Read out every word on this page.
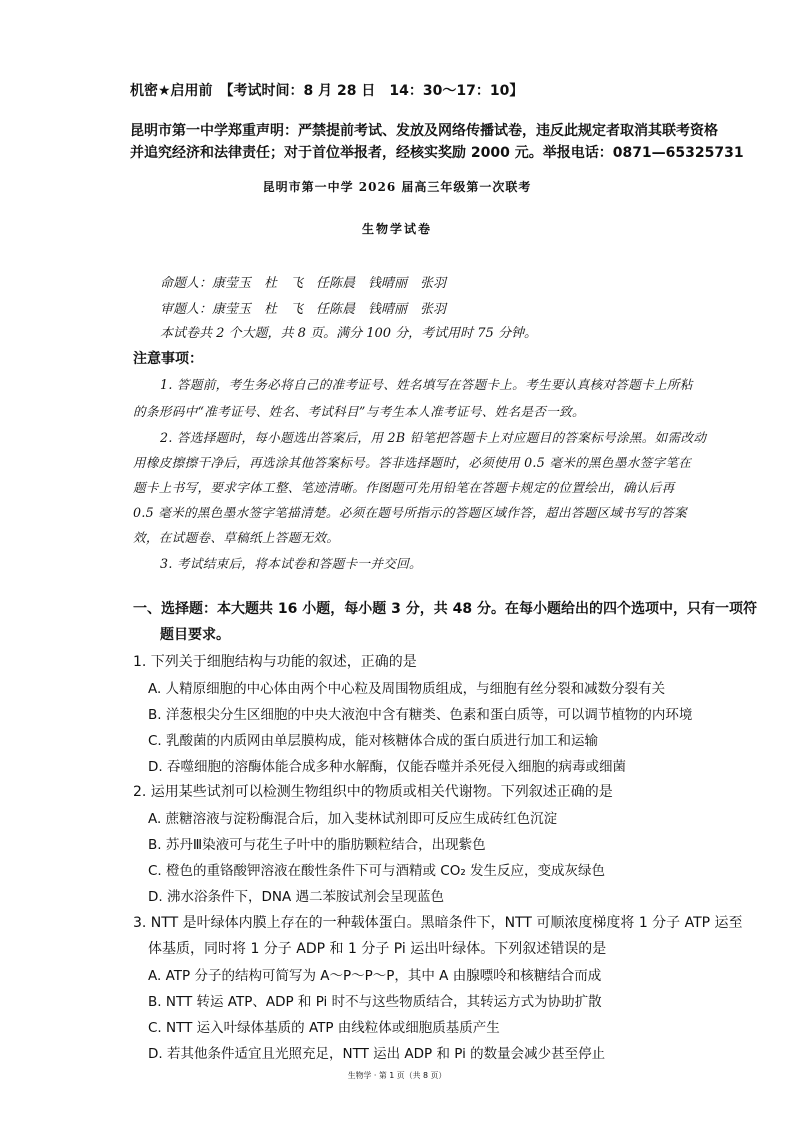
机密★启用前　【考试时间：8 月 28 日　14：30～17：10】
昆明市第一中学郑重声明：严禁提前考试、发放及网络传播试卷，违反此规定者取消其联考资格
并追究经济和法律责任；对于首位举报者，经核实奖励 2000 元。举报电话：0871—65325731
昆明市第一中学 2026 届高三年级第一次联考
生物学试卷
命题人：康莹玉　杜　飞　任陈晨　钱晴丽　张羽
审题人：康莹玉　杜　飞　任陈晨　钱晴丽　张羽
本试卷共 2 个大题，共 8 页。满分 100 分，考试用时 75 分钟。
注意事项：
1. 答题前，考生务必将自己的准考证号、姓名填写在答题卡上。考生要认真核对答题卡上所粘
的条形码中“准考证号、姓名、考试科目”与考生本人准考证号、姓名是否一致。
2. 答选择题时，每小题选出答案后，用 2B 铅笔把答题卡上对应题目的答案标号涂黑。如需改动
用橡皮擦擦干净后，再选涂其他答案标号。答非选择题时，必须使用 0.5 毫米的黑色墨水签字笔在
题卡上书写，要求字体工整、笔迹清晰。作图题可先用铅笔在答题卡规定的位置绘出，确认后再
0.5 毫米的黑色墨水签字笔描清楚。必须在题号所指示的答题区域作答，超出答题区域书写的答案
效，在试题卷、草稿纸上答题无效。
3. 考试结束后，将本试卷和答题卡一并交回。
一、选择题：本大题共 16 小题，每小题 3 分，共 48 分。在每小题给出的四个选项中，只有一项符
题目要求。
1. 下列关于细胞结构与功能的叙述，正确的是
A. 人精原细胞的中心体由两个中心粒及周围物质组成，与细胞有丝分裂和减数分裂有关
B. 洋葱根尖分生区细胞的中央大液泡中含有糖类、色素和蛋白质等，可以调节植物的内环境
C. 乳酸菌的内质网由单层膜构成，能对核糖体合成的蛋白质进行加工和运输
D. 吞噬细胞的溶酶体能合成多种水解酶，仅能吞噬并杀死侵入细胞的病毒或细菌
2. 运用某些试剂可以检测生物组织中的物质或相关代谢物。下列叙述正确的是
A. 蔗糖溶液与淀粉酶混合后，加入斐林试剂即可反应生成砖红色沉淀
B. 苏丹Ⅲ染液可与花生子叶中的脂肪颗粒结合，出现紫色
C. 橙色的重铬酸钾溶液在酸性条件下可与酒精或 CO₂ 发生反应，变成灰绿色
D. 沸水浴条件下，DNA 遇二苯胺试剂会呈现蓝色
3. NTT 是叶绿体内膜上存在的一种载体蛋白。黑暗条件下，NTT 可顺浓度梯度将 1 分子 ATP 运至
体基质，同时将 1 分子 ADP 和 1 分子 Pi 运出叶绿体。下列叙述错误的是
A. ATP 分子的结构可简写为 A～P～P～P，其中 A 由腺嘌呤和核糖结合而成
B. NTT 转运 ATP、ADP 和 Pi 时不与这些物质结合，其转运方式为协助扩散
C. NTT 运入叶绿体基质的 ATP 由线粒体或细胞质基质产生
D. 若其他条件适宜且光照充足，NTT 运出 ADP 和 Pi 的数量会减少甚至停止
生物学 · 第 1 页（共 8 页）
